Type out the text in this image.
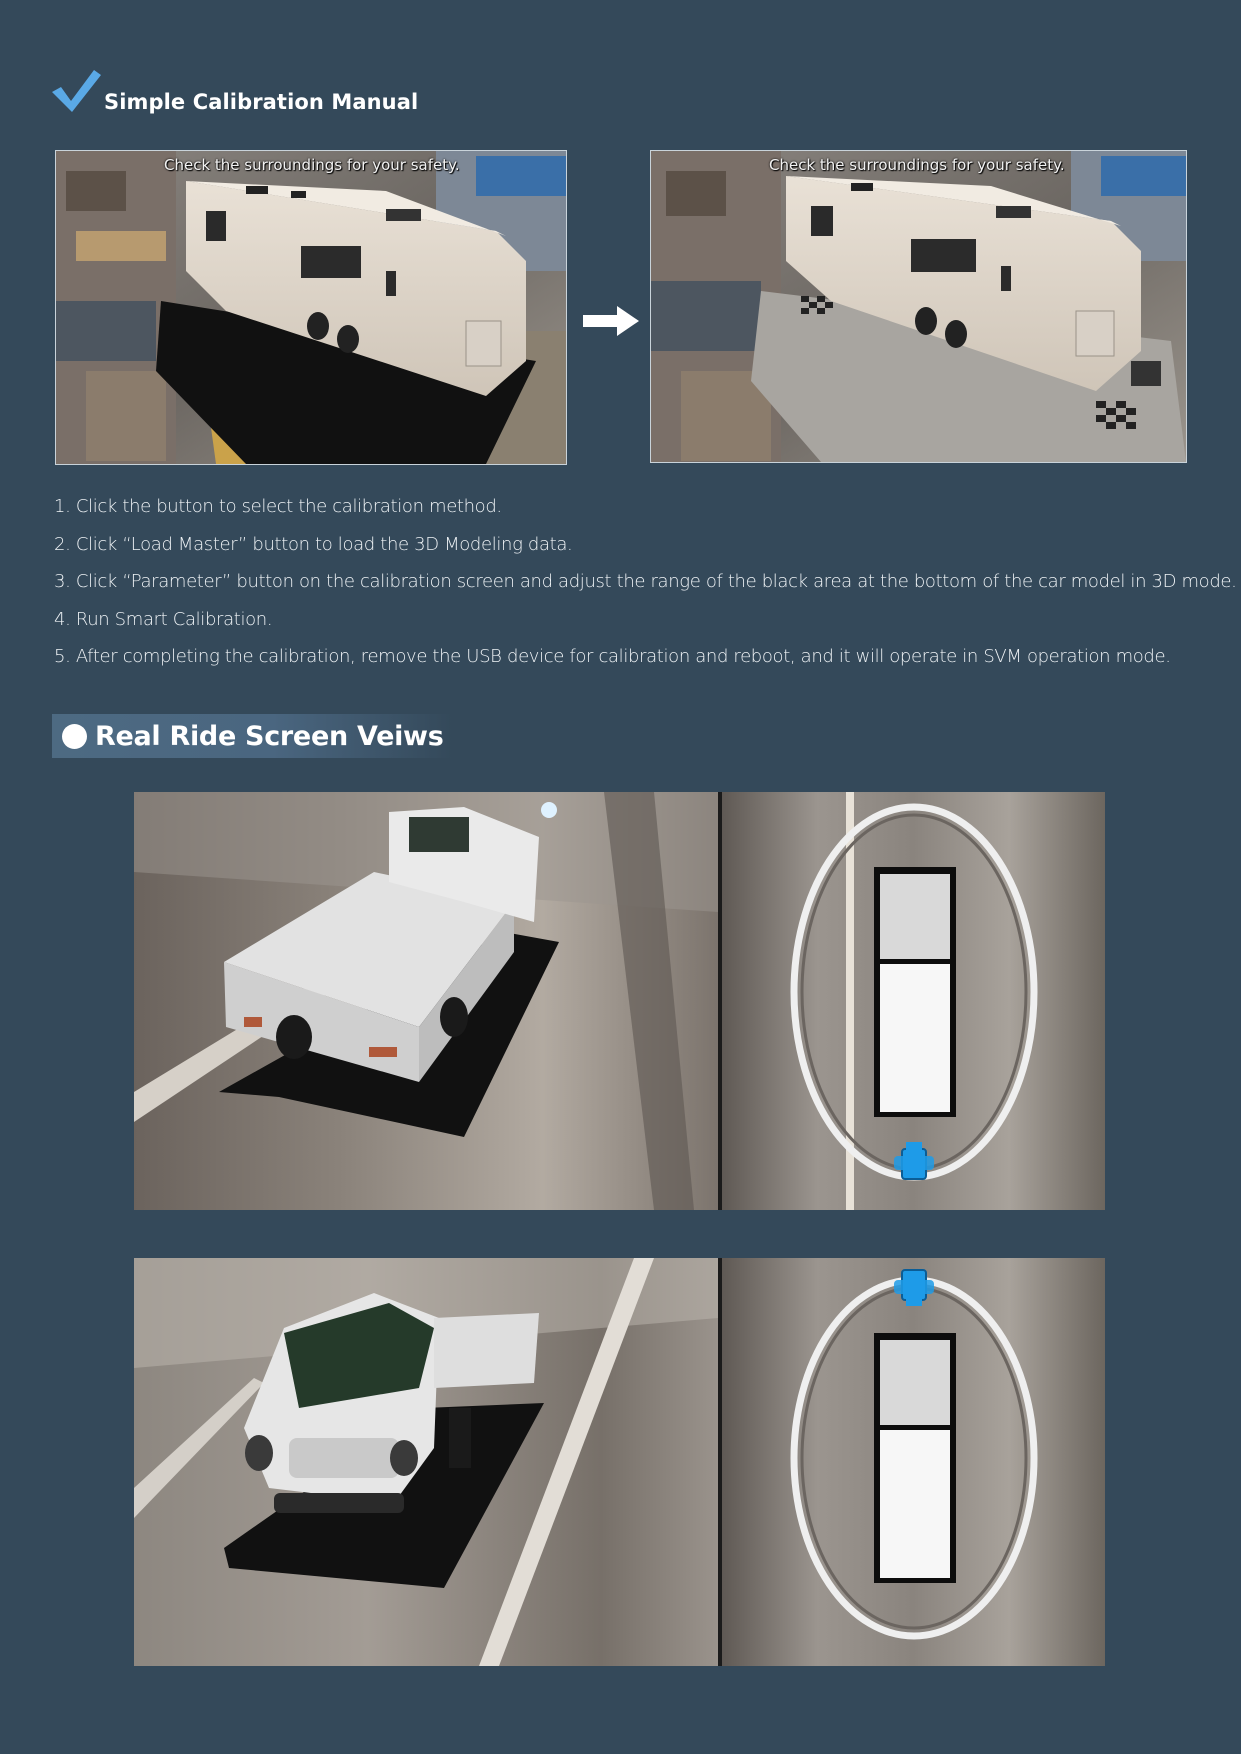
Simple Calibration Manual
Check the surroundings for your safety.	Check the surroundings for your safety.
1. Click the button to select the calibration method.
2. Click “Load Master” button to load the 3D Modeling data.
3. Click “Parameter” button on the calibration screen and adjust the range of the black area at the bottom of the car model in 3D mode.
4. Run Smart Calibration.
5. After completing the calibration, remove the USB device for calibration and reboot, and it will operate in SVM operation mode.
Real Ride Screen Veiws
